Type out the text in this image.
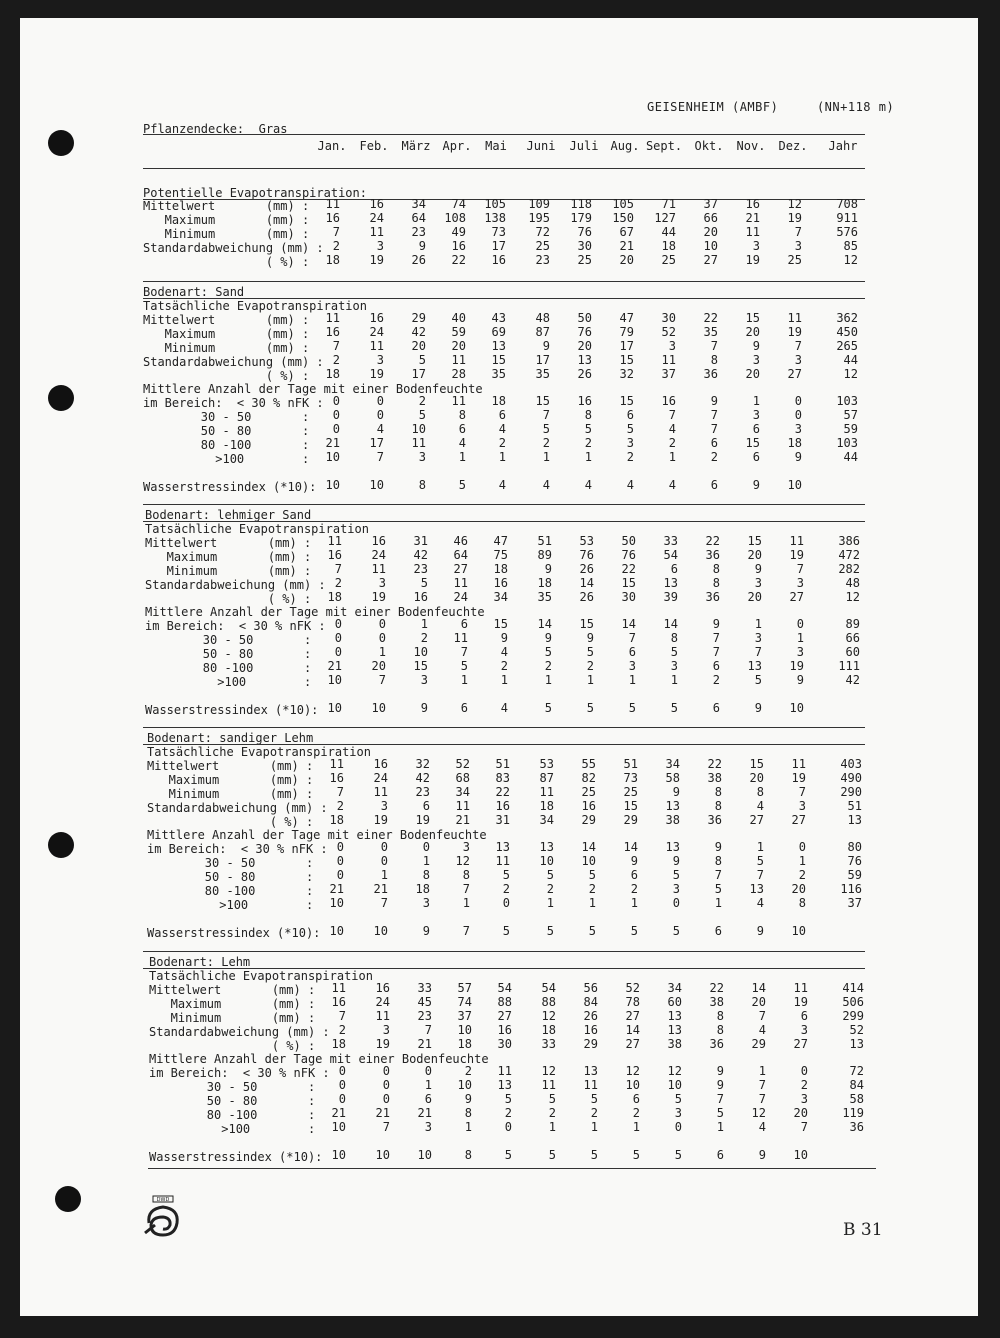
GEISENHEIM (AMBF)     (NN+118 m)
Pflanzendecke:  Gras
Jan.	Feb.	März	Apr.	Mai	Juni	Juli	Aug. Sept.	Okt.	Nov.	Dez.	Jahr
Potentielle Evapotranspiration:
Mittelwert       (mm) :	11	16	34	74	105	109	118	105	71	37	16	12	708
Maximum       (mm) :	16	24	64	108	138	195	179	150	127	66	21	19	911
Minimum       (mm) :	7	11	23	49	73	72	76	67	44	20	11	7	576
Standardabweichung (mm) : 2	3	9	16	17	25	30	21	18	10	3	3	85
( %) :	18	19	26	22	16	23	25	20	25	27	19	25	12
Bodenart: Sand
Tatsächliche Evapotranspiration
Mittelwert       (mm) :	11	16	29	40	43	48	50	47	30	22	15	11	362
Maximum       (mm) :	16	24	42	59	69	87	76	79	52	35	20	19	450
Minimum       (mm) :	7	11	20	20	13	9	20	17	3	7	9	7	265
Standardabweichung (mm) : 2	3	5	11	15	17	13	15	11	8	3	3	44
( %) :	18	19	17	28	35	35	26	32	37	36	20	27	12
Mittlere Anzahl der Tage mit einer Bodenfeuchte
im Bereich:  < 30 % nFK : 0	0	2	11	18	15	16	15	16	9	1	0	103
30 - 50       :	0	0	5	8	6	7	8	6	7	7	3	0	57
50 - 80       :	0	4	10	6	4	5	5	5	4	7	6	3	59
80 -100       :	21	17	11	4	2	2	2	3	2	6	15	18	103
>100        :	10	7	3	1	1	1	1	2	1	2	6	9	44
Wasserstressindex (*10): 10	10	8	5	4	4	4	4	4	6	9	10
Bodenart: lehmiger Sand
Tatsächliche Evapotranspiration
Mittelwert       (mm) :	11	16	31	46	47	51	53	50	33	22	15	11	386
Maximum       (mm) :	16	24	42	64	75	89	76	76	54	36	20	19	472
Minimum       (mm) :	7	11	23	27	18	9	26	22	6	8	9	7	282
Standardabweichung (mm) : 2	3	5	11	16	18	14	15	13	8	3	3	48
( %) :	18	19	16	24	34	35	26	30	39	36	20	27	12
Mittlere Anzahl der Tage mit einer Bodenfeuchte
im Bereich:  < 30 % nFK : 0	0	1	6	15	14	15	14	14	9	1	0	89
30 - 50       :	0	0	2	11	9	9	9	7	8	7	3	1	66
50 - 80       :	0	1	10	7	4	5	5	6	5	7	7	3	60
80 -100       :	21	20	15	5	2	2	2	3	3	6	13	19	111
>100        :	10	7	3	1	1	1	1	1	1	2	5	9	42
Wasserstressindex (*10): 10	10	9	6	4	5	5	5	5	6	9	10
Bodenart: sandiger Lehm
Tatsächliche Evapotranspiration
Mittelwert       (mm) :	11	16	32	52	51	53	55	51	34	22	15	11	403
Maximum       (mm) :	16	24	42	68	83	87	82	73	58	38	20	19	490
Minimum       (mm) :	7	11	23	34	22	11	25	25	9	8	8	7	290
Standardabweichung (mm) : 2	3	6	11	16	18	16	15	13	8	4	3	51
( %) :	18	19	19	21	31	34	29	29	38	36	27	27	13
Mittlere Anzahl der Tage mit einer Bodenfeuchte
im Bereich:  < 30 % nFK : 0	0	0	3	13	13	14	14	13	9	1	0	80
30 - 50       :	0	0	1	12	11	10	10	9	9	8	5	1	76
50 - 80       :	0	1	8	8	5	5	5	6	5	7	7	2	59
80 -100       :	21	21	18	7	2	2	2	2	3	5	13	20	116
>100        :	10	7	3	1	0	1	1	1	0	1	4	8	37
Wasserstressindex (*10): 10	10	9	7	5	5	5	5	5	6	9	10
Bodenart: Lehm
Tatsächliche Evapotranspiration
Mittelwert       (mm) :	11	16	33	57	54	54	56	52	34	22	14	11	414
Maximum       (mm) :	16	24	45	74	88	88	84	78	60	38	20	19	506
Minimum       (mm) :	7	11	23	37	27	12	26	27	13	8	7	6	299
Standardabweichung (mm) : 2	3	7	10	16	18	16	14	13	8	4	3	52
( %) :	18	19	21	18	30	33	29	27	38	36	29	27	13
Mittlere Anzahl der Tage mit einer Bodenfeuchte
im Bereich:  < 30 % nFK : 0	0	0	2	11	12	13	12	12	9	1	0	72
30 - 50       :	0	0	1	10	13	11	11	10	10	9	7	2	84
50 - 80       :	0	0	6	9	5	5	5	6	5	7	7	3	58
80 -100       :	21	21	21	8	2	2	2	2	3	5	12	20	119
>100        :	10	7	3	1	0	1	1	1	0	1	4	7	36
Wasserstressindex (*10): 10	10	10	8	5	5	5	5	5	6	9	10
DWD
B 31
